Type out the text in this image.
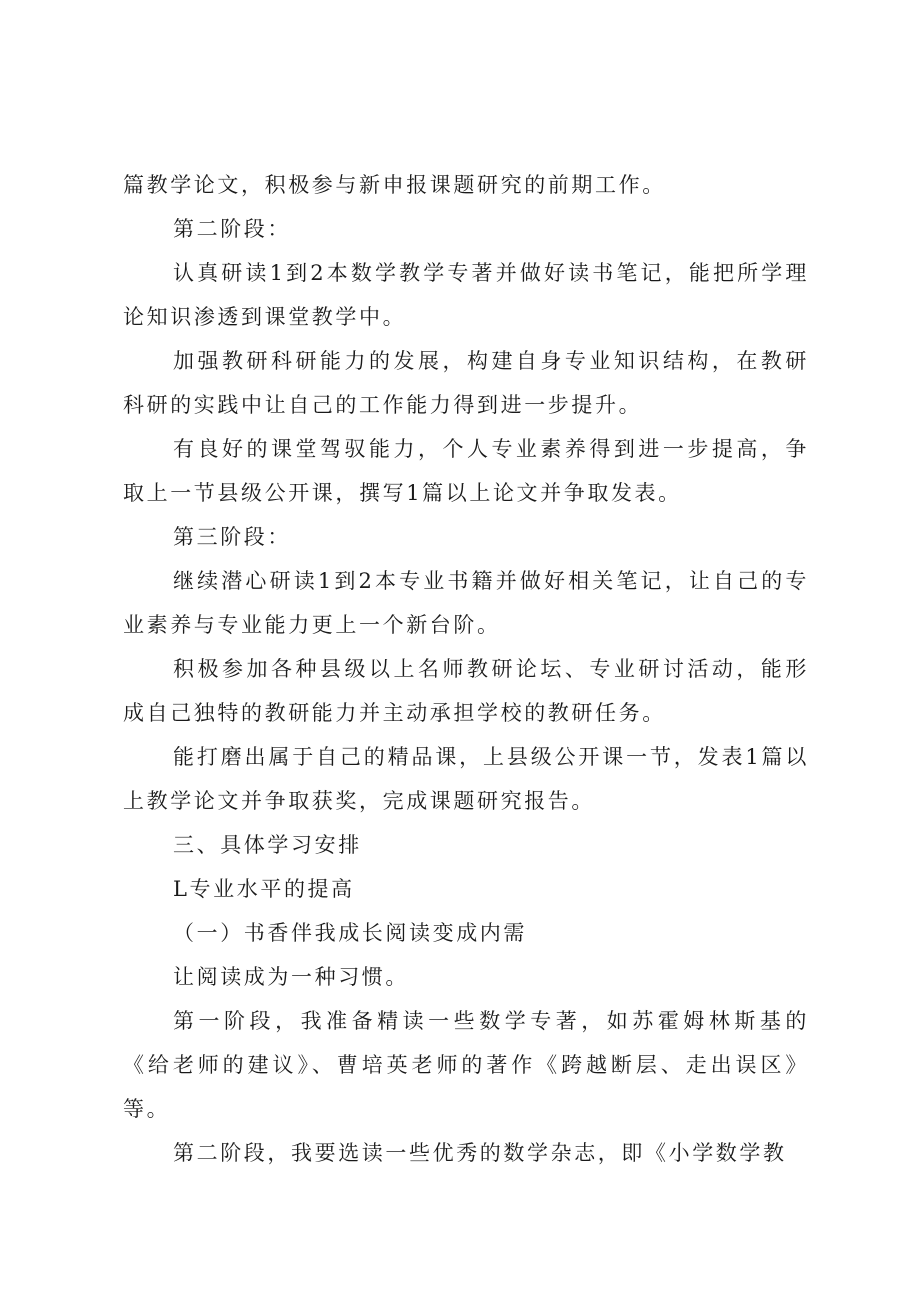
篇教学论文，积极参与新申报课题研究的前期工作。

第二阶段：

认真研读1到2本数学教学专著并做好读书笔记，能把所学理论知识渗透到课堂教学中。

加强教研科研能力的发展，构建自身专业知识结构，在教研科研的实践中让自己的工作能力得到进一步提升。

有良好的课堂驾驭能力，个人专业素养得到进一步提高，争取上一节县级公开课，撰写1篇以上论文并争取发表。

第三阶段：

继续潜心研读1到2本专业书籍并做好相关笔记，让自己的专业素养与专业能力更上一个新台阶。

积极参加各种县级以上名师教研论坛、专业研讨活动，能形成自己独特的教研能力并主动承担学校的教研任务。

能打磨出属于自己的精品课，上县级公开课一节，发表1篇以上教学论文并争取获奖，完成课题研究报告。

三、具体学习安排

L专业水平的提高

（一）书香伴我成长阅读变成内需

让阅读成为一种习惯。

第一阶段，我准备精读一些数学专著，如苏霍姆林斯基的《给老师的建议》、曹培英老师的著作《跨越断层、走出误区》等。

第二阶段，我要选读一些优秀的数学杂志，即《小学数学教
